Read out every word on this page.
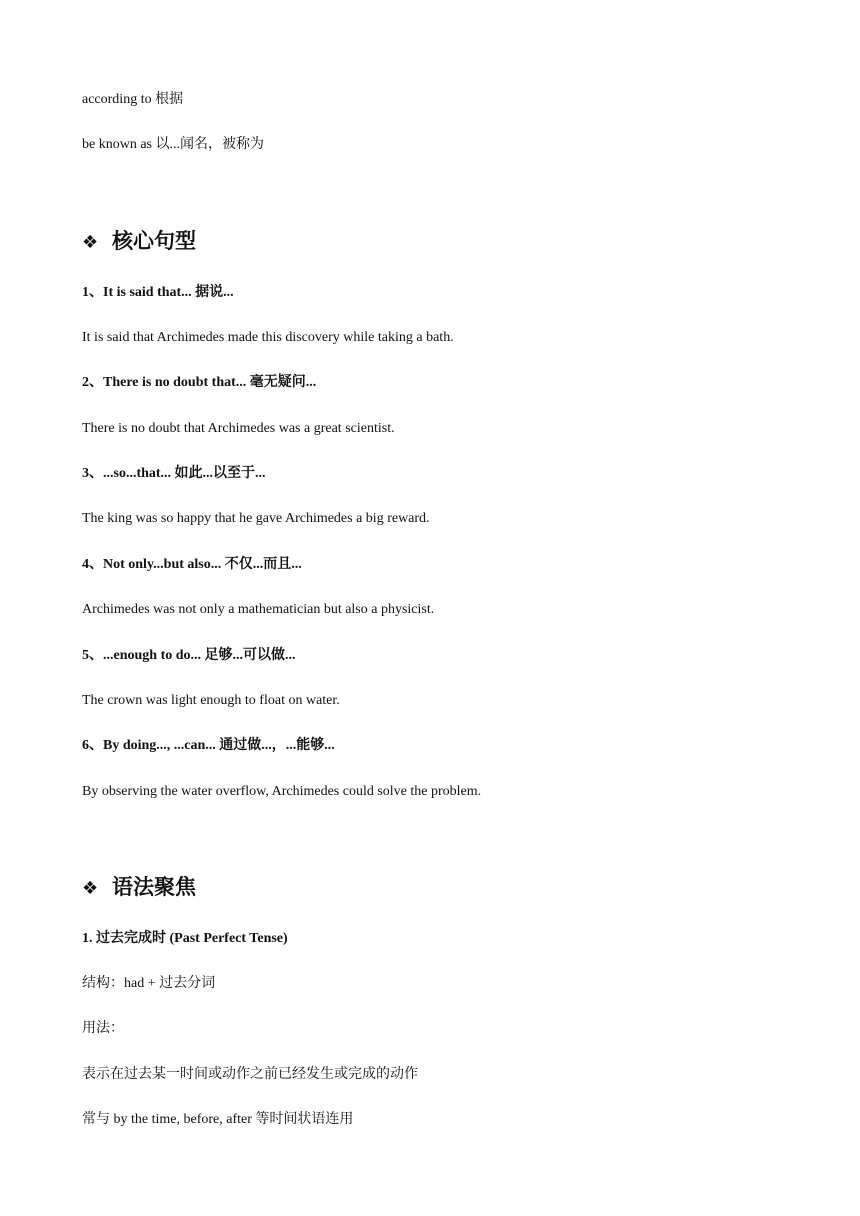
according to 根据
be known as 以...闻名，被称为
❖ 核心句型
1、It is said that... 据说...
It is said that Archimedes made this discovery while taking a bath.
2、There is no doubt that... 毫无疑问...
There is no doubt that Archimedes was a great scientist.
3、...so...that... 如此...以至于...
The king was so happy that he gave Archimedes a big reward.
4、Not only...but also... 不仅...而且...
Archimedes was not only a mathematician but also a physicist.
5、...enough to do... 足够...可以做...
The crown was light enough to float on water.
6、By doing..., ...can... 通过做...，...能够...
By observing the water overflow, Archimedes could solve the problem.
❖ 语法聚焦
1. 过去完成时 (Past Perfect Tense)
结构：had + 过去分词
用法：
表示在过去某一时间或动作之前已经发生或完成的动作
常与 by the time, before, after 等时间状语连用
